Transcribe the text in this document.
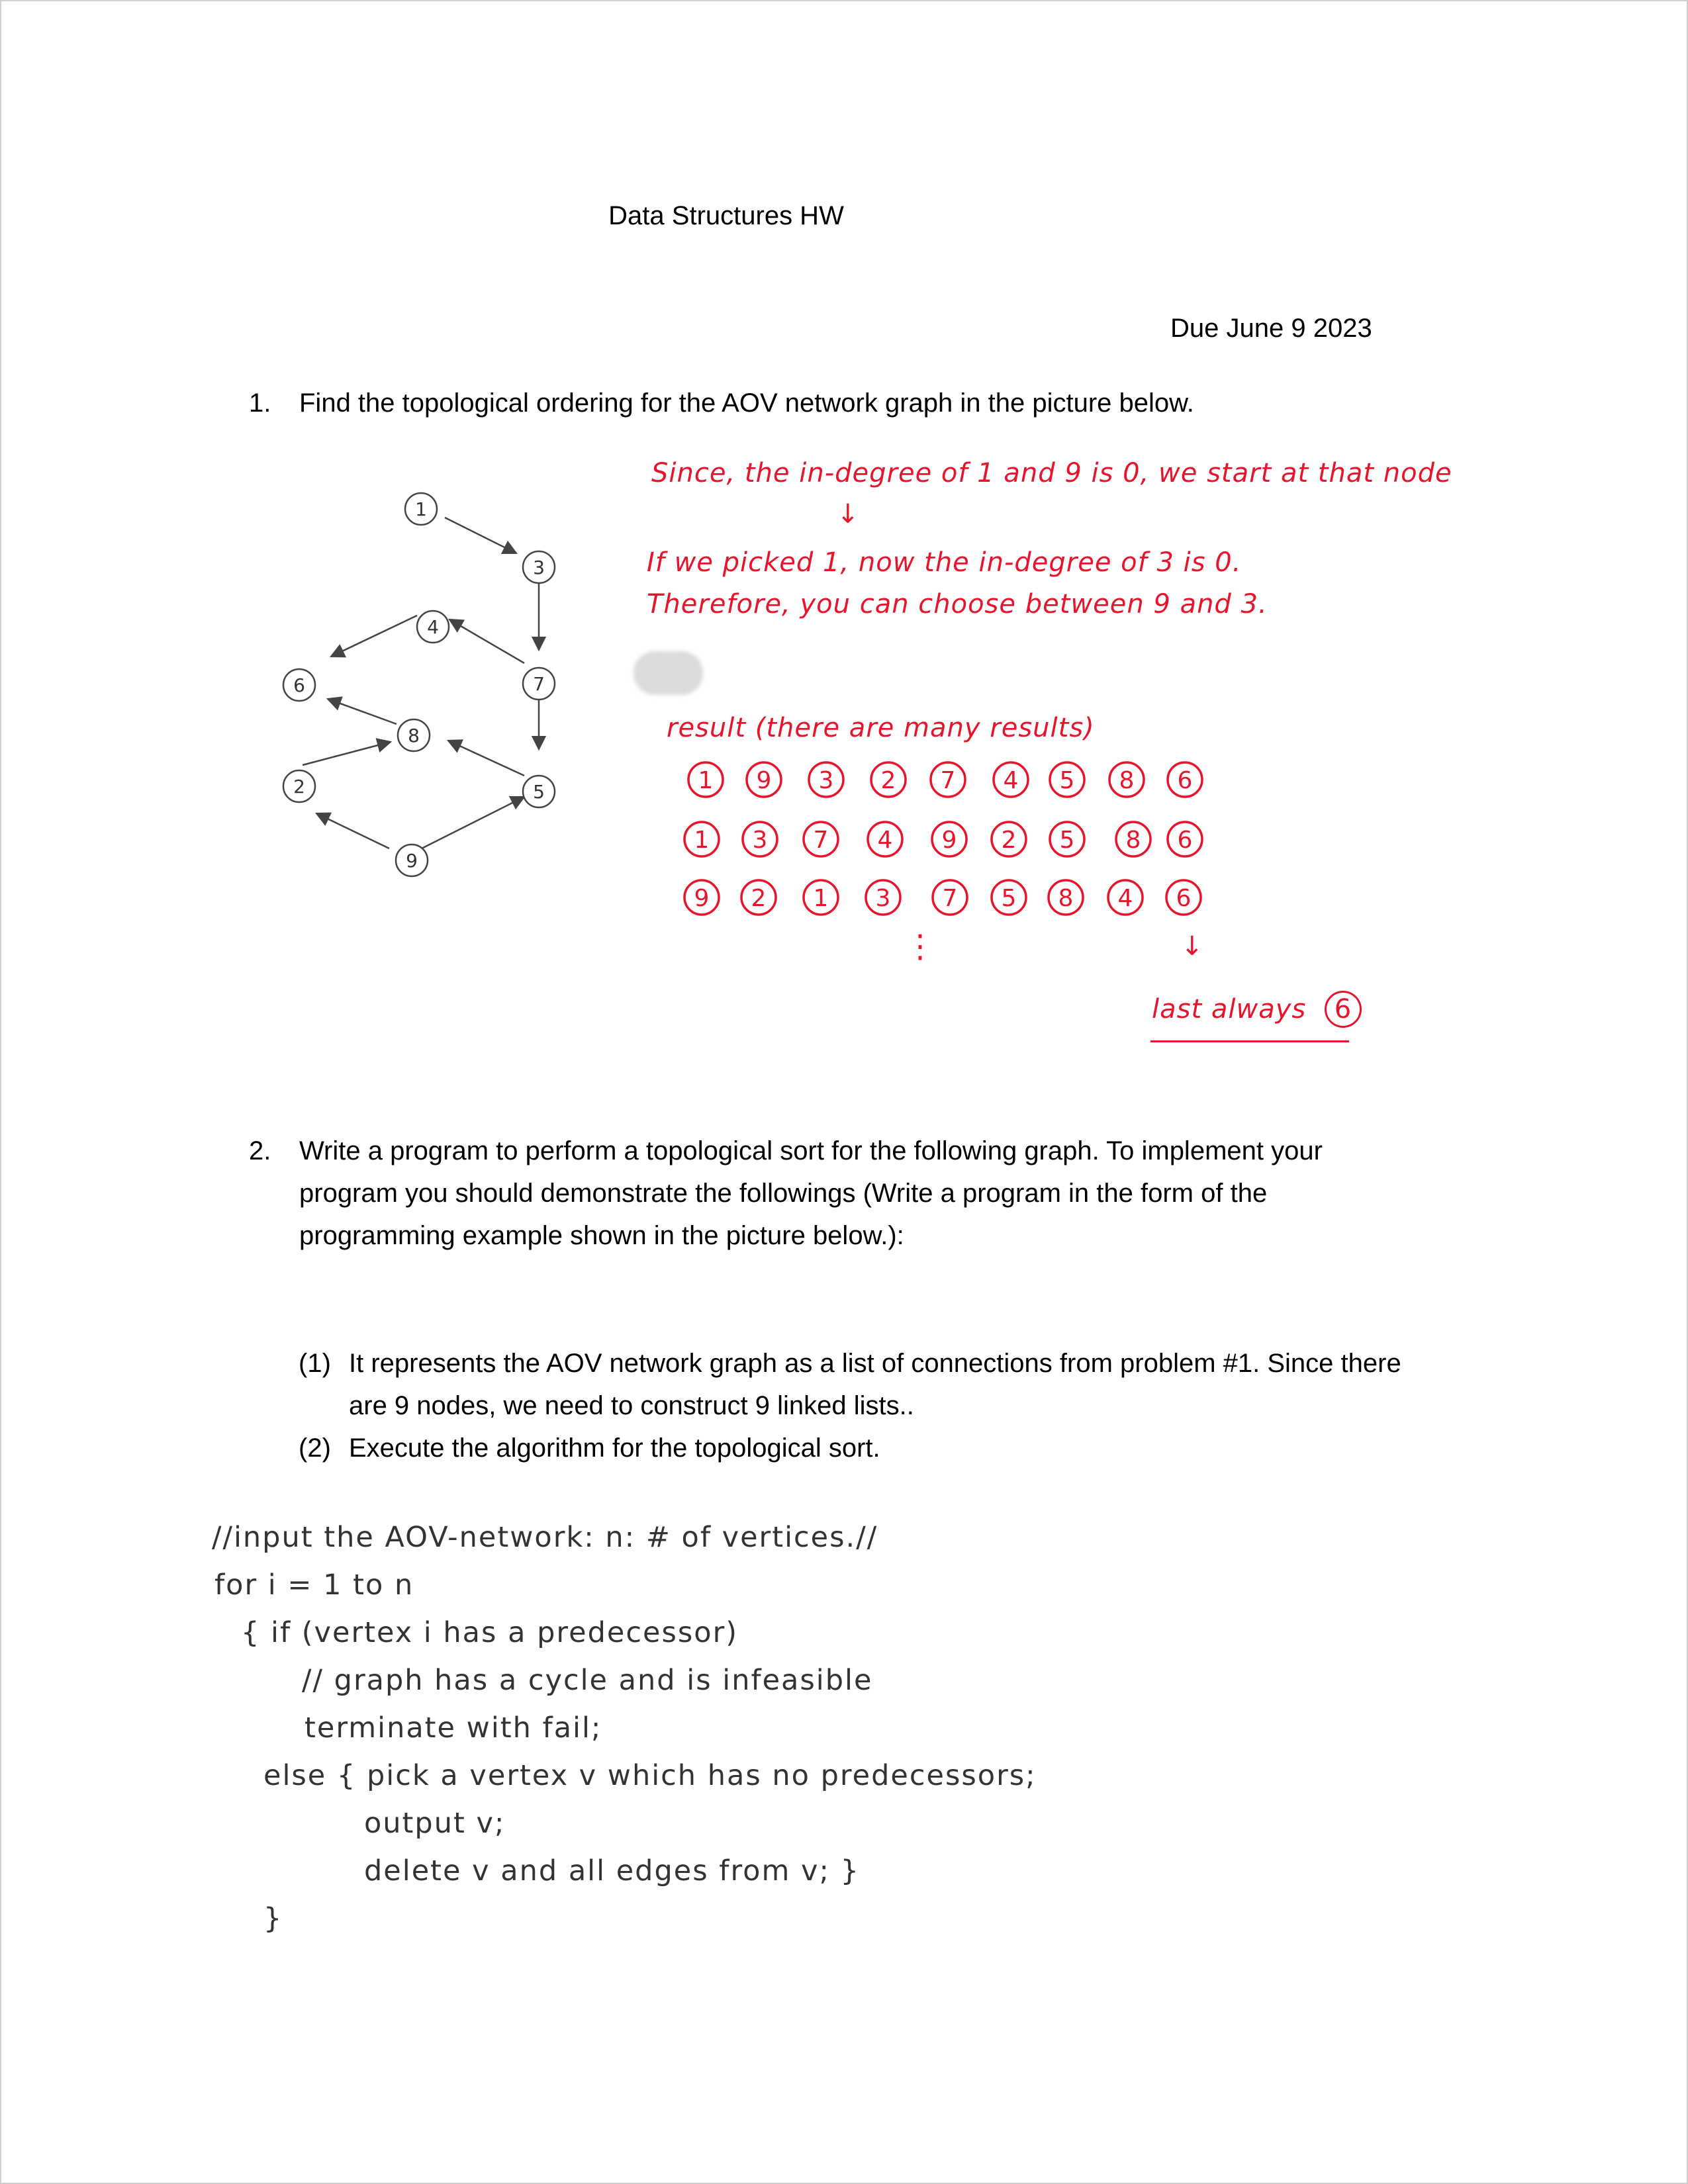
Data Structures HW
Due June 9 2023
1. Find the topological ordering for the AOV network graph in the picture below.
1
3
4
7
6
8
2	5
9
Since, the in-degree of 1 and 9 is 0, we start at that node
↓
If we picked 1, now the in-degree of 3 is 0.
Therefore, you can choose between 9 and 3.
result (there are many results)
1 9 3 2 7 4 5 8 6
1 3 7 4 9 2 5 8 6
9 2 1 3 7 5 8 4 6
⋮	↓
last always 6
2. Write a program to perform a topological sort for the following graph. To implement your
program you should demonstrate the followings (Write a program in the form of the
programming example shown in the picture below.):
(1) It represents the AOV network graph as a list of connections from problem #1. Since there
are 9 nodes, we need to construct 9 linked lists..
(2) Execute the algorithm for the topological sort.
//input the AOV-network: n: # of vertices.//
for i = 1 to n
{ if (vertex i has a predecessor)
// graph has a cycle and is infeasible
terminate with fail;
else { pick a vertex v which has no predecessors;
output v;
delete v and all edges from v; }
}
